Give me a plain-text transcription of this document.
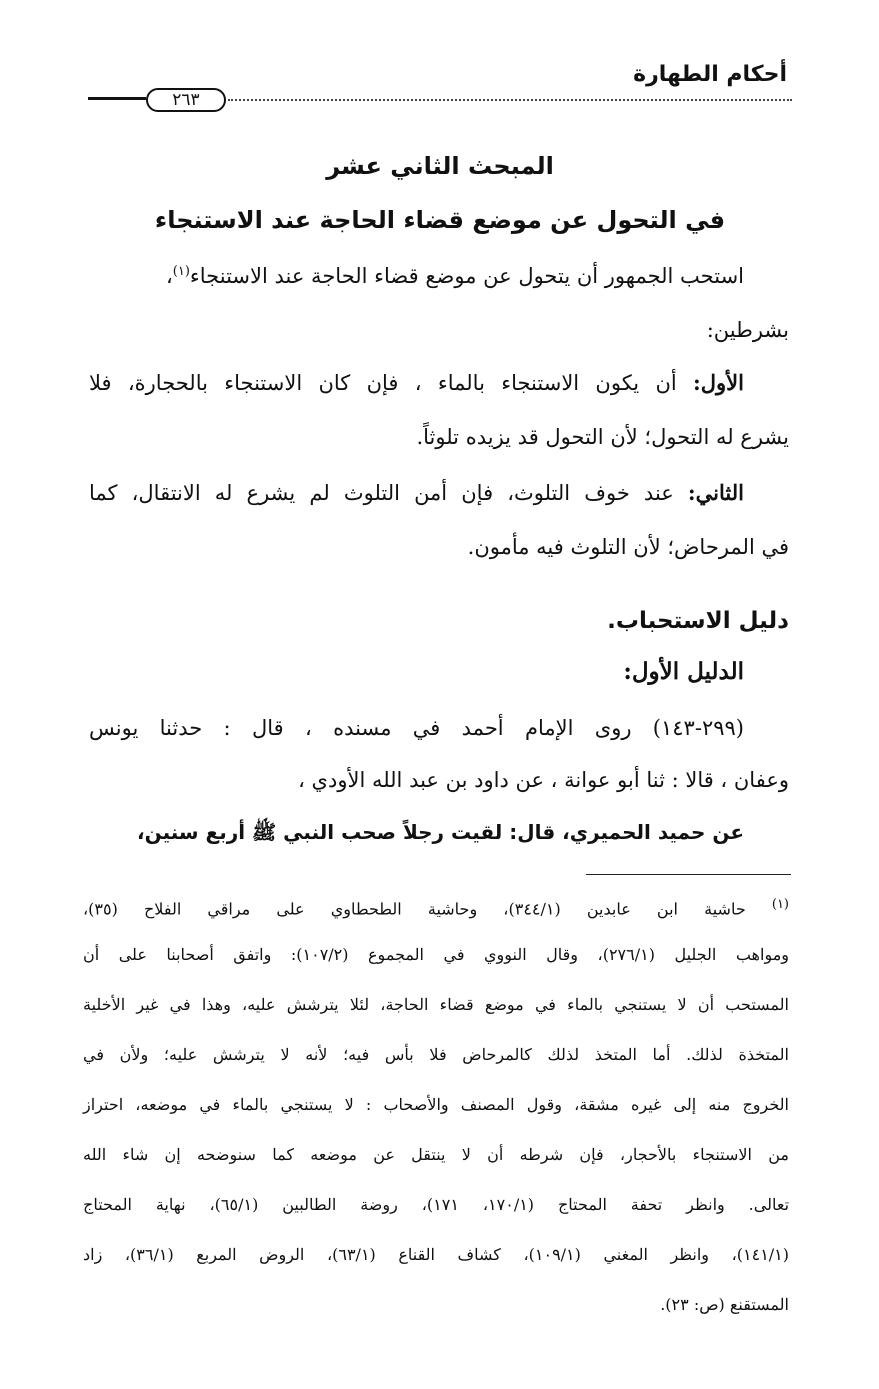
أحكام الطهارة
٢٦٣
المبحث الثاني عشر
في التحول عن موضع قضاء الحاجة عند الاستنجاء
استحب الجمهور أن يتحول عن موضع قضاء الحاجة عند الاستنجاء$^{(١)}$،
بشرطين:
الأول: أن يكون الاستنجاء بالماء ، فإن كان الاستنجاء بالحجارة، فلا
يشرع له التحول؛ لأن التحول قد يزيده تلوثاً.
الثاني: عند خوف التلوث، فإن أمن التلوث لم يشرع له الانتقال، كما
في المرحاض؛ لأن التلوث فيه مأمون.
دليل الاستحباب.
الدليل الأول:
(٢٩٩-١٤٣) روى الإمام أحمد في مسنده ، قال : حدثنا يونس
وعفان ، قالا : ثنا أبو عوانة ، عن داود بن عبد الله الأودي ،
عن حميد الحميري، قال: لقيت رجلاً صحب النبي ﷺ أربع سنين،
$^{(١)}$ حاشية ابن عابدين (٣٤٤/١)، وحاشية الطحطاوي على مراقي الفلاح (٣٥)،
ومواهب الجليل (٢٧٦/١)، وقال النووي في المجموع (١٠٧/٢): واتفق أصحابنا على أن
المستحب أن لا يستنجي بالماء في موضع قضاء الحاجة، لئلا يترشش عليه، وهذا في غير الأخلية
المتخذة لذلك. أما المتخذ لذلك كالمرحاض فلا بأس فيه؛ لأنه لا يترشش عليه؛ ولأن في
الخروج منه إلى غيره مشقة، وقول المصنف والأصحاب : لا يستنجي بالماء في موضعه، احتراز
من الاستنجاء بالأحجار، فإن شرطه أن لا ينتقل عن موضعه كما سنوضحه إن شاء الله
تعالى. وانظر تحفة المحتاج (١٧٠/١، ١٧١)، روضة الطالبين (٦٥/١)، نهاية المحتاج
(١٤١/١)، وانظر المغني (١٠٩/١)، كشاف القناع (٦٣/١)، الروض المربع (٣٦/١)، زاد
المستقنع (ص: ٢٣).
